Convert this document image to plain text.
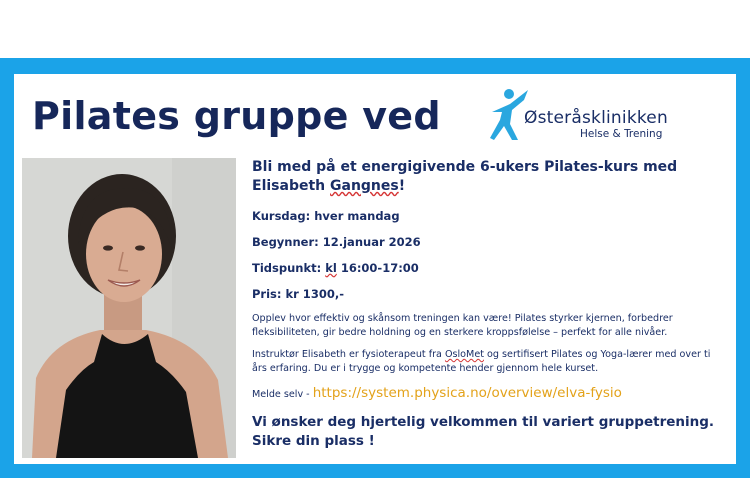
Pilates gruppe ved	Østeråsklinikken
Helse & Trening

Bli med på et energigivende 6-ukers Pilates-kurs med
Elisabeth Gangnes!

Kursdag: hver mandag
Begynner: 12.januar 2026
Tidspunkt: kl 16:00-17:00
Pris: kr 1300,-

Opplev hvor effektiv og skånsom treningen kan være! Pilates styrker kjernen, forbedrer fleksibiliteten, gir bedre holdning og en sterkere kroppsfølelse – perfekt for alle nivåer.

Instruktør Elisabeth er fysioterapeut fra OsloMet og sertifisert Pilates og Yoga-lærer med over ti års erfaring. Du er i trygge og kompetente hender gjennom hele kurset.

Melde selv - https://system.physica.no/overview/elva-fysio

Vi ønsker deg hjertelig velkommen til variert gruppetrening.
Sikre din plass !
